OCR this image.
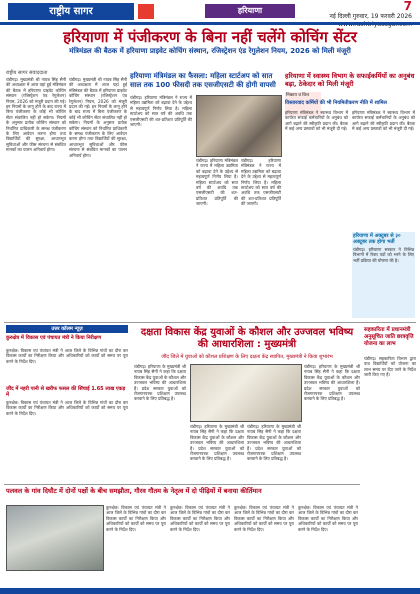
राष्ट्रीय सागर	हरियाणा	7
नई दिल्ली गुरुवार, 19 फरवरी 2026

हरियाणा में पंजीकरण के बिना नहीं चलेंगे कोचिंग सेंटर
मंत्रिमंडल की बैठक में हरियाणा प्राइवेट कोचिंग संस्थान, रजिस्ट्रेशन एंड रेगुलेशन नियम, 2026 को मिली मंजूरी
राष्ट्रीय सागर संवाददाता
चंडीगढ़। मुख्यमंत्री श्री नायब सिंह सैनी की अध्यक्षता में आज यहां हुई मंत्रिमंडल की बैठक में हरियाणा प्राइवेट कोचिंग संस्थान (रजिस्ट्रेशन एंड रेगुलेशन) नियम, 2026 को मंजूरी प्रदान की गई। इन नियमों के लागू होने के बाद राज्य में बिना पंजीकरण के कोई भी कोचिंग सेंटर संचालित नहीं हो सकेगा। नियमों के अनुसार प्रत्येक कोचिंग संस्थान को निर्धारित प्राधिकारी के समक्ष पंजीकरण के लिए आवेदन करना होगा तथा विद्यार्थियों की सुरक्षा, आधारभूत सुविधाओं और फीस संरचना से संबंधित मानकों का पालन अनिवार्य होगा।
चंडीगढ़। मुख्यमंत्री श्री नायब सिंह सैनी की अध्यक्षता में आज यहां हुई मंत्रिमंडल की बैठक में हरियाणा प्राइवेट कोचिंग संस्थान (रजिस्ट्रेशन एंड रेगुलेशन) नियम, 2026 को मंजूरी प्रदान की गई। इन नियमों के लागू होने के बाद राज्य में बिना पंजीकरण के कोई भी कोचिंग सेंटर संचालित नहीं हो सकेगा। नियमों के अनुसार प्रत्येक कोचिंग संस्थान को निर्धारित प्राधिकारी के समक्ष पंजीकरण के लिए आवेदन करना होगा तथा विद्यार्थियों की सुरक्षा, आधारभूत सुविधाओं और फीस संरचना से संबंधित मानकों का पालन अनिवार्य होगा।
हरियाणा मंत्रिमंडल का फैसला: महिला स्टार्टअप को सात साल तक 100 फीसदी तक एसजीएसटी की होगी वापसी
चंडीगढ़। हरियाणा मंत्रिमंडल ने राज्य में महिला उद्यमिता को बढ़ावा देने के उद्देश्य से महत्वपूर्ण निर्णय लिया है। महिला स्टार्टअप को सात वर्ष की अवधि तक एसजीएसटी की शत-प्रतिशत प्रतिपूर्ति की जाएगी।
चंडीगढ़। हरियाणा मंत्रिमंडल ने राज्य में महिला उद्यमिता को बढ़ावा देने के उद्देश्य से महत्वपूर्ण निर्णय लिया है। महिला स्टार्टअप को सात वर्ष की अवधि तक एसजीएसटी की शत-प्रतिशत प्रतिपूर्ति की जाएगी।
चंडीगढ़। हरियाणा मंत्रिमंडल ने राज्य में महिला उद्यमिता को बढ़ावा देने के उद्देश्य से महत्वपूर्ण निर्णय लिया है। महिला स्टार्टअप को सात वर्ष की अवधि तक एसजीएसटी की शत-प्रतिशत प्रतिपूर्ति की जाएगी।
हरियाणा में स्वास्थ्य विभाग के सफाईकर्मियों का अनुबंध बढ़ा, ठेकेदार को मिली मंजूरी
निकाय व वित्त
विस्तारवाद कर्मियों की भी नियमितीकरण नीति में शामिल
हरियाणा मंत्रिमंडल ने स्वास्थ्य विभाग में कार्यरत सफाई कर्मचारियों के अनुबंध को आगे बढ़ाने की स्वीकृति प्रदान की। बैठक में कई अन्य प्रस्तावों को भी मंजूरी दी गई।
हरियाणा मंत्रिमंडल ने स्वास्थ्य विभाग में कार्यरत सफाई कर्मचारियों के अनुबंध को आगे बढ़ाने की स्वीकृति प्रदान की। बैठक में कई अन्य प्रस्तावों को भी मंजूरी दी गई।
हरियाणा में अक्टूबर से ३० अक्टूबर तक होगा भर्ती
चंडीगढ़। हरियाणा सरकार ने विभिन्न विभागों में रिक्त पदों को भरने के लिए भर्ती प्रक्रिया की घोषणा की है।
उत्तर कॉलम न्यूज़
कुरुक्षेत्र में विकास एवं पंचायत मंत्री ने किया निरीक्षण
कुरुक्षेत्र। विकास एवं पंचायत मंत्री ने आज जिले के विभिन्न गांवों का दौरा कर विकास कार्यों का निरीक्षण किया और अधिकारियों को कार्यों को समय पर पूरा करने के निर्देश दिए।
जींद में नहरी पानी से खरीफ फसल की सिंचाई 1.65 लाख एकड़ में
कुरुक्षेत्र। विकास एवं पंचायत मंत्री ने आज जिले के विभिन्न गांवों का दौरा कर विकास कार्यों का निरीक्षण किया और अधिकारियों को कार्यों को समय पर पूरा करने के निर्देश दिए।
दक्षता विकास केंद्र युवाओं के कौशल और उज्जवल भविष्य की आधारशिला : मुख्यमंत्री
जींद जिले में युवाओं को कौशल प्रशिक्षण के लिए दक्षता केंद्र स्थापित, मुख्यमंत्री ने किया शुभारंभ
चंडीगढ़। हरियाणा के मुख्यमंत्री श्री नायब सिंह सैनी ने कहा कि दक्षता विकास केंद्र युवाओं के कौशल और उज्जवल भविष्य की आधारशिला हैं। प्रदेश सरकार युवाओं को रोजगारपरक प्रशिक्षण उपलब्ध करवाने के लिए प्रतिबद्ध है।
चंडीगढ़। हरियाणा के मुख्यमंत्री श्री नायब सिंह सैनी ने कहा कि दक्षता विकास केंद्र युवाओं के कौशल और उज्जवल भविष्य की आधारशिला हैं। प्रदेश सरकार युवाओं को रोजगारपरक प्रशिक्षण उपलब्ध करवाने के लिए प्रतिबद्ध है।
चंडीगढ़। हरियाणा के मुख्यमंत्री श्री नायब सिंह सैनी ने कहा कि दक्षता विकास केंद्र युवाओं के कौशल और उज्जवल भविष्य की आधारशिला हैं। प्रदेश सरकार युवाओं को रोजगारपरक प्रशिक्षण उपलब्ध करवाने के लिए प्रतिबद्ध है।
चंडीगढ़। हरियाणा के मुख्यमंत्री श्री नायब सिंह सैनी ने कहा कि दक्षता विकास केंद्र युवाओं के कौशल और उज्जवल भविष्य की आधारशिला हैं। प्रदेश सरकार युवाओं को रोजगारपरक प्रशिक्षण उपलब्ध करवाने के लिए प्रतिबद्ध है।
सहकारिता में प्रधानमंत्री अनुसूचित जाति छात्रवृत्ति योजना का लाभ
चंडीगढ़। सहकारिता विभाग द्वारा पात्र विद्यार्थियों को योजना का लाभ समय पर दिए जाने के निर्देश जारी किए गए हैं।
पलवल के गांव दिघौट में दोनों पक्षों के बीच समझौता, गौरव गौतम के नेतृत्व में दो पीढ़ियों में बनाया कीर्तिमान
कुरुक्षेत्र। विकास एवं पंचायत मंत्री ने आज जिले के विभिन्न गांवों का दौरा कर विकास कार्यों का निरीक्षण किया और अधिकारियों को कार्यों को समय पर पूरा करने के निर्देश दिए।
कुरुक्षेत्र। विकास एवं पंचायत मंत्री ने आज जिले के विभिन्न गांवों का दौरा कर विकास कार्यों का निरीक्षण किया और अधिकारियों को कार्यों को समय पर पूरा करने के निर्देश दिए।
कुरुक्षेत्र। विकास एवं पंचायत मंत्री ने आज जिले के विभिन्न गांवों का दौरा कर विकास कार्यों का निरीक्षण किया और अधिकारियों को कार्यों को समय पर पूरा करने के निर्देश दिए।
कुरुक्षेत्र। विकास एवं पंचायत मंत्री ने आज जिले के विभिन्न गांवों का दौरा कर विकास कार्यों का निरीक्षण किया और अधिकारियों को कार्यों को समय पर पूरा करने के निर्देश दिए।
